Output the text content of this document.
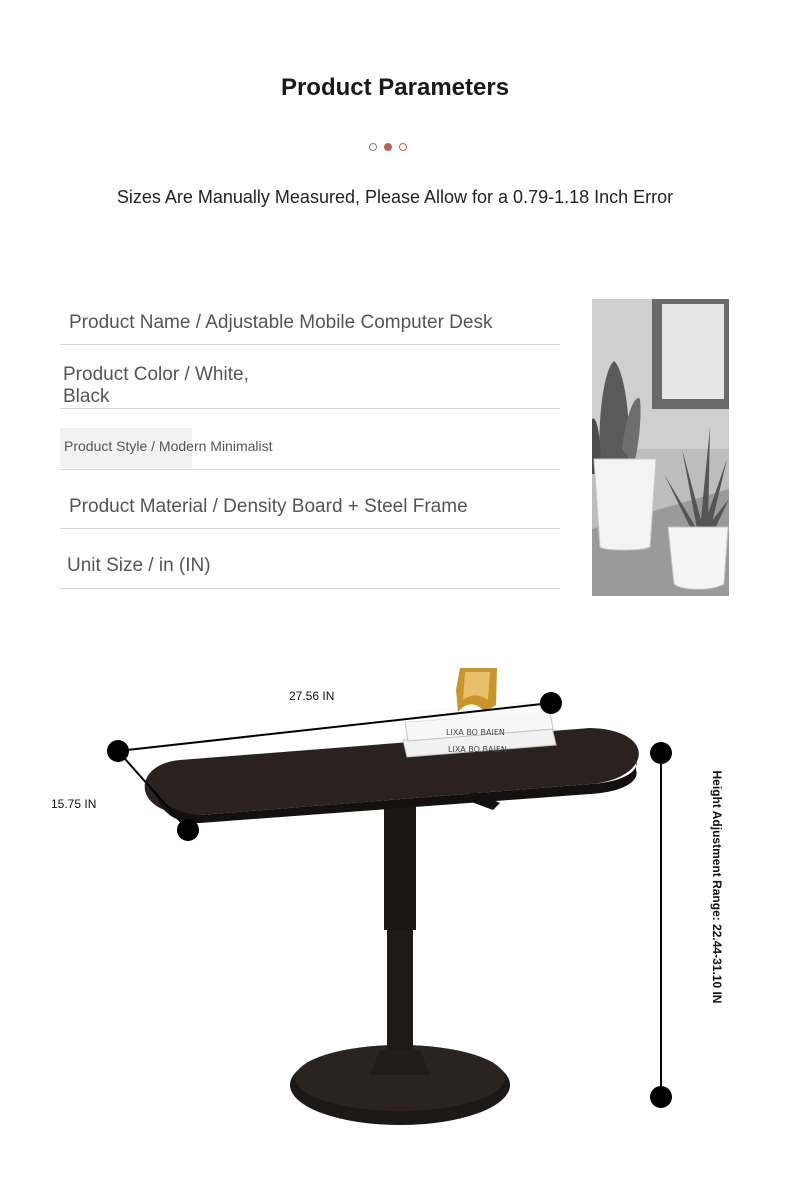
Product Parameters
Sizes Are Manually Measured, Please Allow for a 0.79-1.18 Inch Error
Product Name / Adjustable Mobile Computer Desk
Product Color / White,
Black
Product Style / Modern Minimalist
Product Material / Density Board + Steel Frame
Unit Size / in (IN)
LIXA BO BAIEN
LIXA BO BAIEN
27.56 IN
15.75 IN	Height Adjustment Range: 22.44-31.10 IN
